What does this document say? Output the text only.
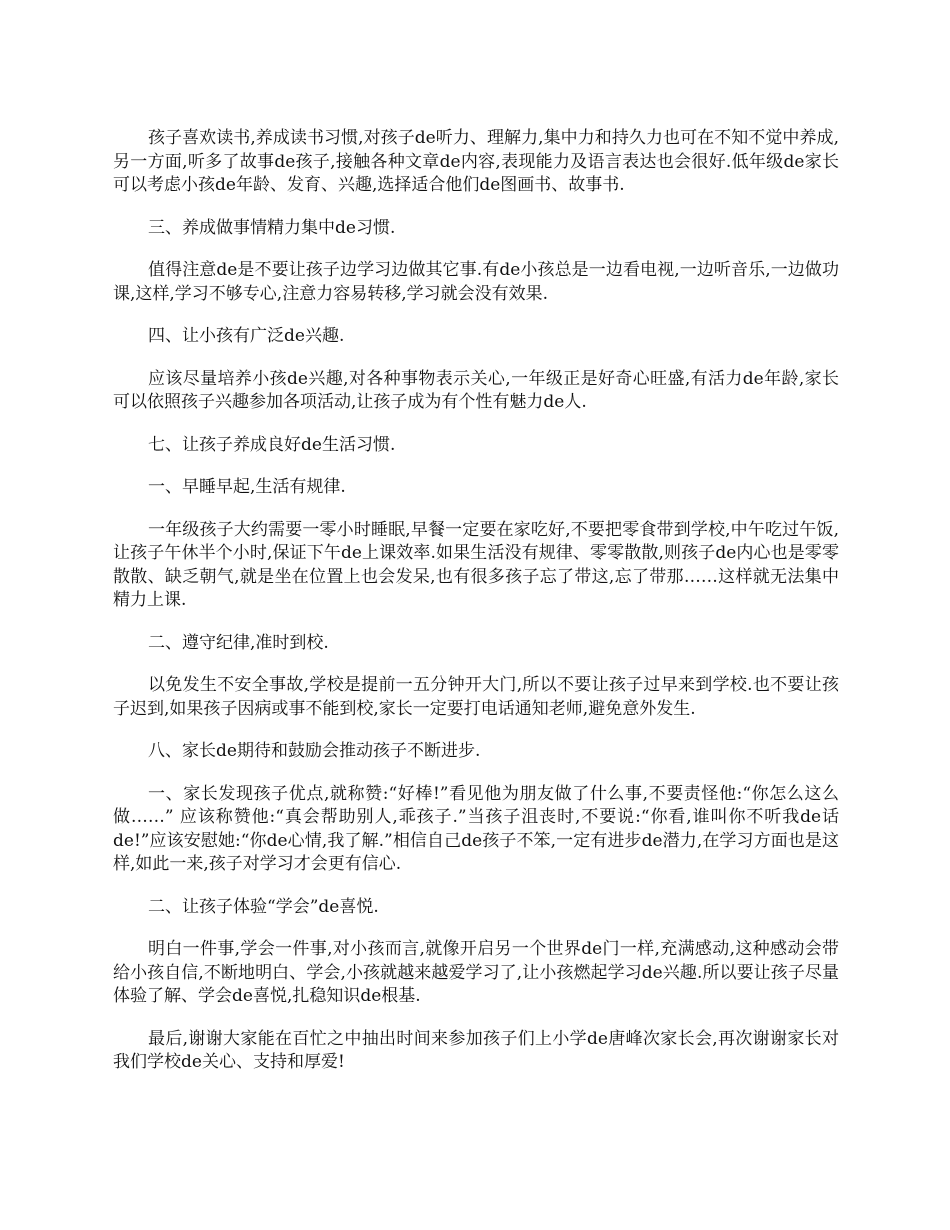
孩子喜欢读书,养成读书习惯,对孩子de听力、理解力,集中力和持久力也可在不知不觉中养成,另一方面,听多了故事de孩子,接触各种文章de内容,表现能力及语言表达也会很好.低年级de家长可以考虑小孩de年龄、发育、兴趣,选择适合他们de图画书、故事书.

三、养成做事情精力集中de习惯.

值得注意de是不要让孩子边学习边做其它事.有de小孩总是一边看电视,一边听音乐,一边做功课,这样,学习不够专心,注意力容易转移,学习就会没有效果.

四、让小孩有广泛de兴趣.

应该尽量培养小孩de兴趣,对各种事物表示关心,一年级正是好奇心旺盛,有活力de年龄,家长可以依照孩子兴趣参加各项活动,让孩子成为有个性有魅力de人.

七、让孩子养成良好de生活习惯.

一、早睡早起,生活有规律.

一年级孩子大约需要一零小时睡眠,早餐一定要在家吃好,不要把零食带到学校,中午吃过午饭,让孩子午休半个小时,保证下午de上课效率.如果生活没有规律、零零散散,则孩子de内心也是零零散散、缺乏朝气,就是坐在位置上也会发呆,也有很多孩子忘了带这,忘了带那……这样就无法集中精力上课.

二、遵守纪律,准时到校.

以免发生不安全事故,学校是提前一五分钟开大门,所以不要让孩子过早来到学校.也不要让孩子迟到,如果孩子因病或事不能到校,家长一定要打电话通知老师,避免意外发生.

八、家长de期待和鼓励会推动孩子不断进步.

一、家长发现孩子优点,就称赞:“好棒!”看见他为朋友做了什么事,不要责怪他:“你怎么这么做……” 应该称赞他:“真会帮助别人,乖孩子.”当孩子沮丧时,不要说:“你看,谁叫你不听我de话de!”应该安慰她:“你de心情,我了解.”相信自己de孩子不笨,一定有进步de潜力,在学习方面也是这样,如此一来,孩子对学习才会更有信心.

二、让孩子体验“学会”de喜悦.

明白一件事,学会一件事,对小孩而言,就像开启另一个世界de门一样,充满感动,这种感动会带给小孩自信,不断地明白、学会,小孩就越来越爱学习了,让小孩燃起学习de兴趣.所以要让孩子尽量体验了解、学会de喜悦,扎稳知识de根基.

最后,谢谢大家能在百忙之中抽出时间来参加孩子们上小学de唐峰次家长会,再次谢谢家长对我们学校de关心、支持和厚爱!
